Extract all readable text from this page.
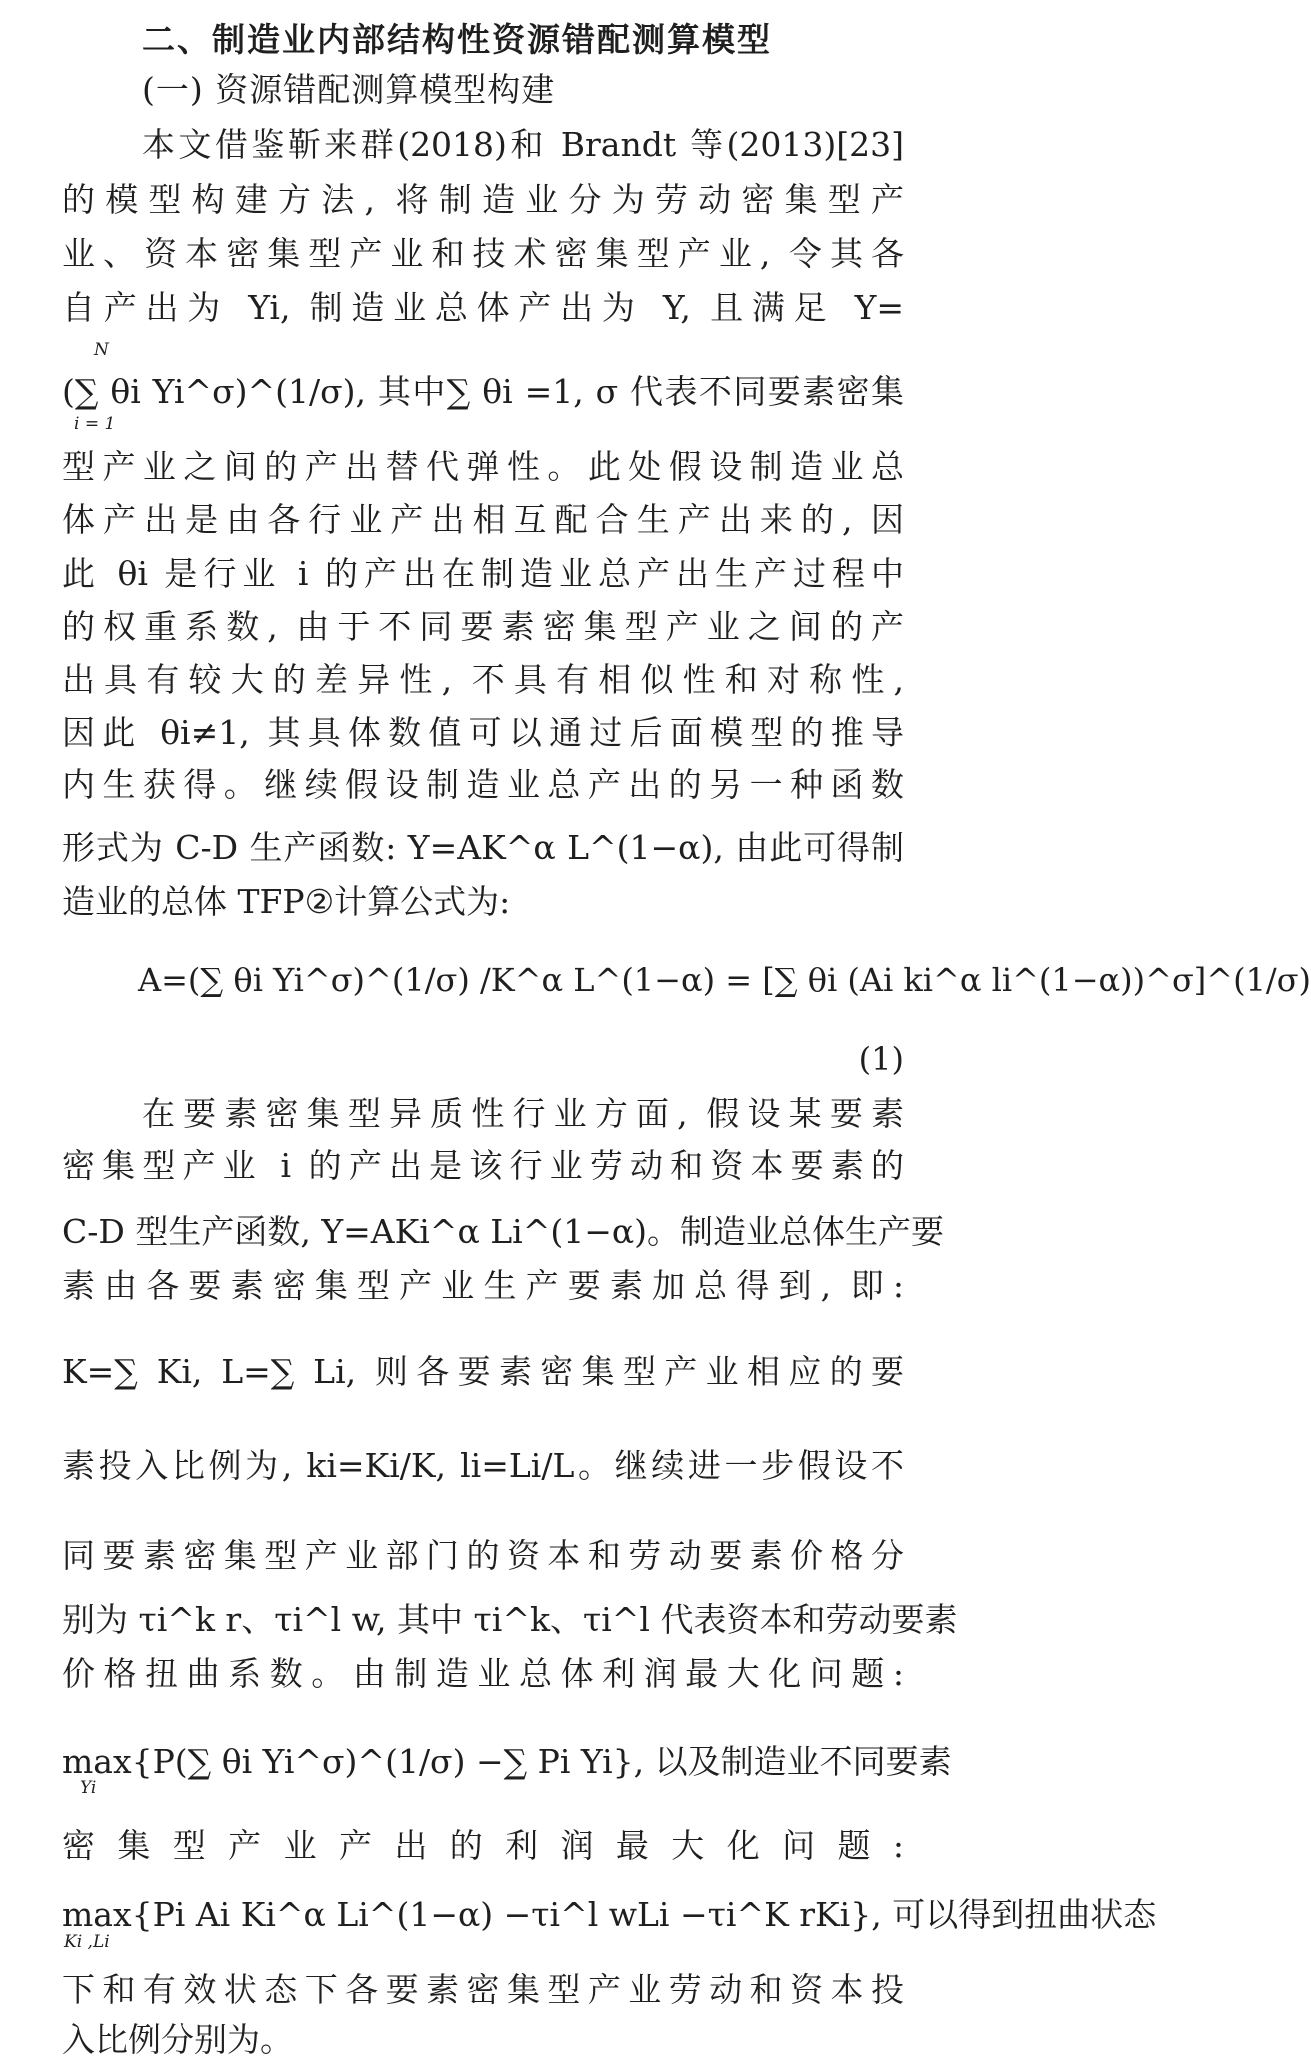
二、制造业内部结构性资源错配测算模型
(一) 资源错配测算模型构建
本文借鉴靳来群(2018)和 Brandt 等(2013)[23]
的模型构建方法, 将制造业分为劳动密集型产
业、资本密集型产业和技术密集型产业, 令其各
自产出为 Yi, 制造业总体产出为 Y, 且满足 Y=
(∑ θi Yi^σ)^(1/σ), 其中∑ θi =1, σ 代表不同要素密集
型产业之间的产出替代弹性。此处假设制造业总
体产出是由各行业产出相互配合生产出来的, 因
此 θi 是行业 i 的产出在制造业总产出生产过程中
的权重系数, 由于不同要素密集型产业之间的产
出具有较大的差异性, 不具有相似性和对称性,
因此 θi≠1, 其具体数值可以通过后面模型的推导
内生获得。继续假设制造业总产出的另一种函数
形式为 C-D 生产函数: Y=AK^α L^(1−α), 由此可得制
造业的总体 TFP②计算公式为:
A=(∑ θi Yi^σ)^(1/σ) /K^α L^(1−α) = [∑ θi (Ai ki^α li^(1−α))^σ]^(1/σ)
(1)
在要素密集型异质性行业方面, 假设某要素
密集型产业 i 的产出是该行业劳动和资本要素的
C-D 型生产函数, Y=AKi^α Li^(1−α)。制造业总体生产要
素由各要素密集型产业生产要素加总得到, 即:
K=∑ Ki, L=∑ Li, 则各要素密集型产业相应的要
素投入比例为, ki=Ki/K, li=Li/L。继续进一步假设不
同要素密集型产业部门的资本和劳动要素价格分
别为 τi^k r、τi^l w, 其中 τi^k、τi^l 代表资本和劳动要素
价格扭曲系数。由制造业总体利润最大化问题:
max{P(∑ θi Yi^σ)^(1/σ) −∑ Pi Yi}, 以及制造业不同要素
密集型产业产出的利润最大化问题:
max{Pi Ai Ki^α Li^(1−α) −τi^l wLi −τi^K rKi}, 可以得到扭曲状态
下和有效状态下各要素密集型产业劳动和资本投
入比例分别为。
N
i = 1
Yi
Ki ,Li
